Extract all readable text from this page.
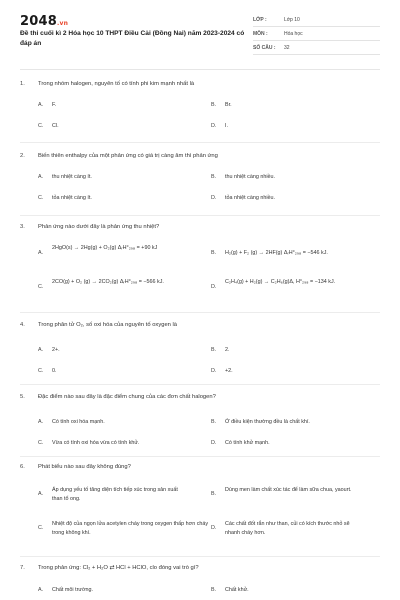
2048.vn
Đề thi cuối kì 2 Hóa học 10 THPT Điều Cải (Đồng Nai) năm 2023-2024 có đáp án
LỚP :	Lớp 10
MÔN :	Hóa học
SỐ CÂU : 32
1. Trong nhóm halogen, nguyên tố có tính phi kim mạnh nhất là
A. F.	B. Br.
C. Cl.	D. I.
2. Biến thiên enthalpy của một phản ứng có giá trị càng âm thì phản ứng
A. thu nhiệt càng ít.	B. thu nhiệt càng nhiều.
C. tỏa nhiệt càng ít.	D. tỏa nhiệt càng nhiều.
3. Phản ứng nào dưới đây là phản ứng thu nhiệt?
A.
2HgO(s) → 2Hg(g) + O₂(g) ΔᵣH°₂₉₈ = +90 kJ
B. H₂(g) + F₂ (g) → 2HF(g) ΔᵣH°₂₉₈ = −546 kJ.
C.
2CO(g) + O₂ (g) → 2CO₂(g) ΔᵣH°₂₉₈ = −566 kJ.
D.
C₂H₄(g) + H₂(g) → C₂H₆(g)Δ, H°₂₉₈ = −134 kJ.
4. Trong phân tử O₂, số oxi hóa của nguyên tố oxygen là
A. 2+.	B. 2.
C. 0.	D. +2.
5. Đặc điểm nào sau đây là đặc điểm chung của các đơn chất halogen?
A. Có tính oxi hóa mạnh.	B. Ở điều kiện thường đều là chất khí.
C. Vừa có tính oxi hóa vừa có tính khử.	D. Có tính khử mạnh.
6. Phát biểu nào sau đây không đúng?
A.
Áp dụng yếu tố tăng diện tích tiếp xúc trong sản xuất than tổ ong.
B.
Dùng men làm chất xúc tác để làm sữa chua, yaourt.
C.
Nhiệt độ của ngọn lửa acetylen cháy trong oxygen thấp hơn cháy trong không khí.
D.
Các chất đốt rắn như than, củi có kích thước nhỏ sẽ nhanh cháy hơn.
7. Trong phản ứng: Cl₂ + H₂O ⇄ HCl + HClO, clo đóng vai trò gì?
A. Chất môi trường.	B. Chất khử.
